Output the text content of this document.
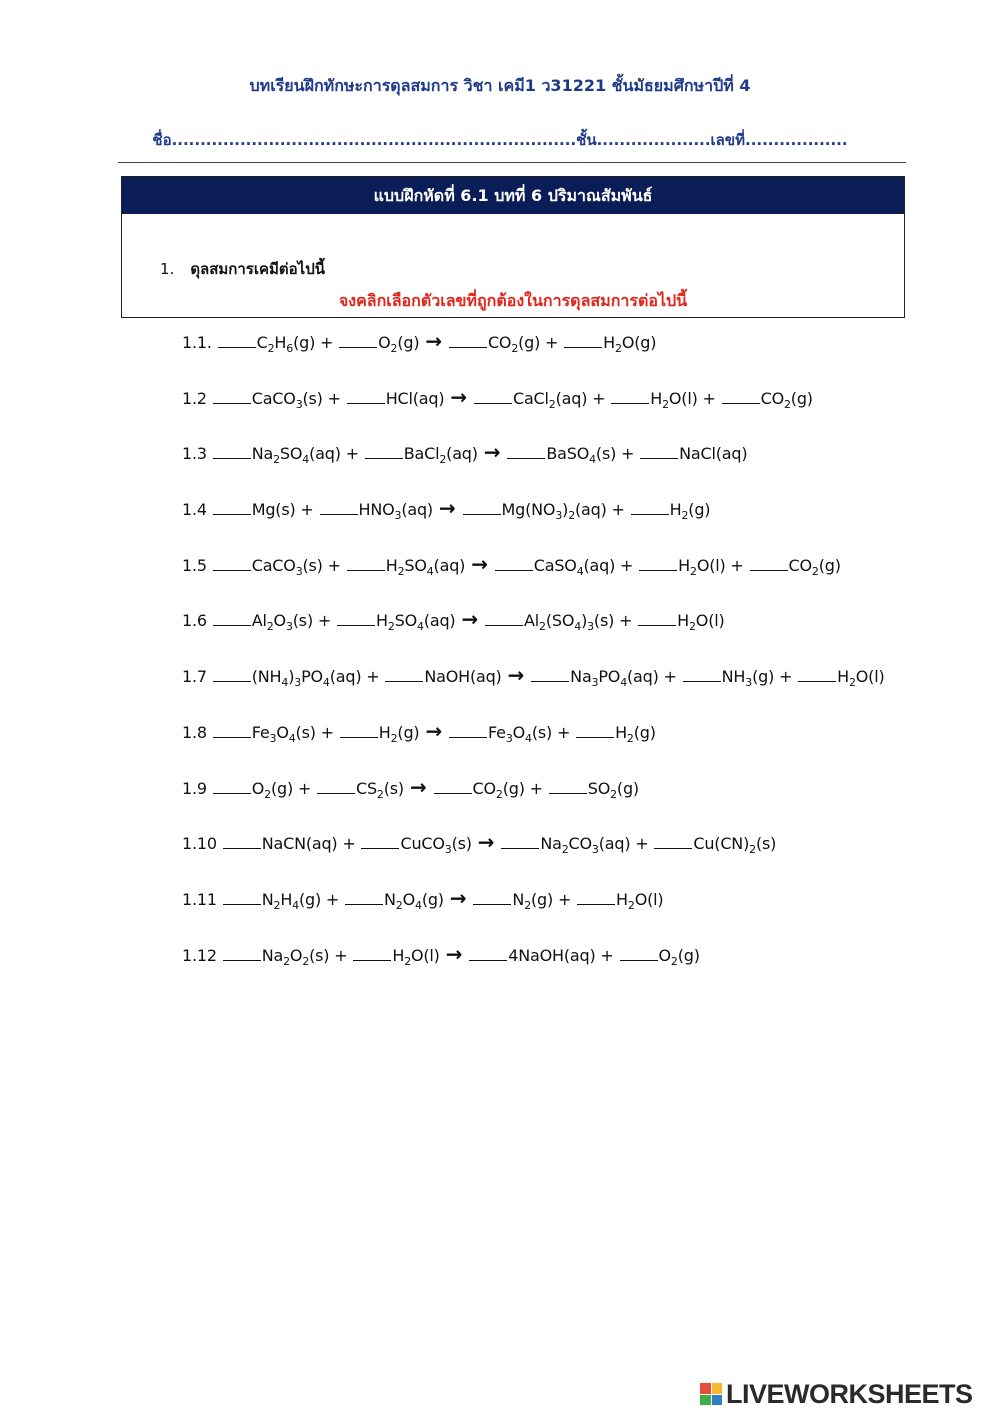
บทเรียนฝึกทักษะการดุลสมการ วิชา เคมี1 ว31221 ชั้นมัธยมศึกษาปีที่ 4
ชื่อ.......................................................................ชั้น....................เลขที่..................
แบบฝึกหัดที่ 6.1 บทที่ 6 ปริมาณสัมพันธ์
1. ดุลสมการเคมีต่อไปนี้
จงคลิกเลือกตัวเลขที่ถูกต้องในการดุลสมการต่อไปนี้
1.1.	$C_2H_6(g)$ +	$O_2(g)$ →	$CO_2(g)$ +	$H_2O(g)$
1.2	CaCO$_3$(s) +	HCl(aq) →	CaCl$_2$(aq) +	$H_2O(l)$ +	$CO_2(g)$
1.3	$Na_2SO_4(aq)$ +	BaCl$_2$(aq) →	BaSO$_4$(s) +	NaCl(aq)
1.4	Mg(s) +	$HNO_3(aq)$ →	$Mg(NO_3)_2(aq)$ +	$H_2(g)$
1.5	CaCO$_3$(s) +	$H_2SO_4(aq)$ →	CaSO$_4$(aq) +	$H_2O(l)$ +	$CO_2(g)$
1.6	$Al_2O_3(s)$ +	$H_2SO_4(aq)$ →	$Al_2(SO_4)_3(s)$ +	$H_2O(l)$
1.7	$(NH_4)_3PO_4(aq)$ +	NaOH(aq) →	$Na_3PO_4(aq)$ +	$NH_3(g)$ +	$H_2O(l)$
1.8	$Fe_3O_4(s)$ +	$H_2(g)$ →	$Fe_3O_4(s)$ +	$H_2(g)$
1.9	$O_2(g)$ +	$CS_2(s)$ →	$CO_2(g)$ +	$SO_2(g)$
1.10	NaCN(aq) +	CuCO$_3$(s) →	$Na_2CO_3(aq)$ +	$Cu(CN)_2(s)$
1.11	$N_2H_4(g)$ +	$N_2O_4(g)$ →	$N_2(g)$ +	$H_2O(l)$
1.12	$Na_2O_2(s)$ +	$H_2O(l)$ →	4NaOH(aq) +	$O_2(g)$
LIVEWORKSHEETS
